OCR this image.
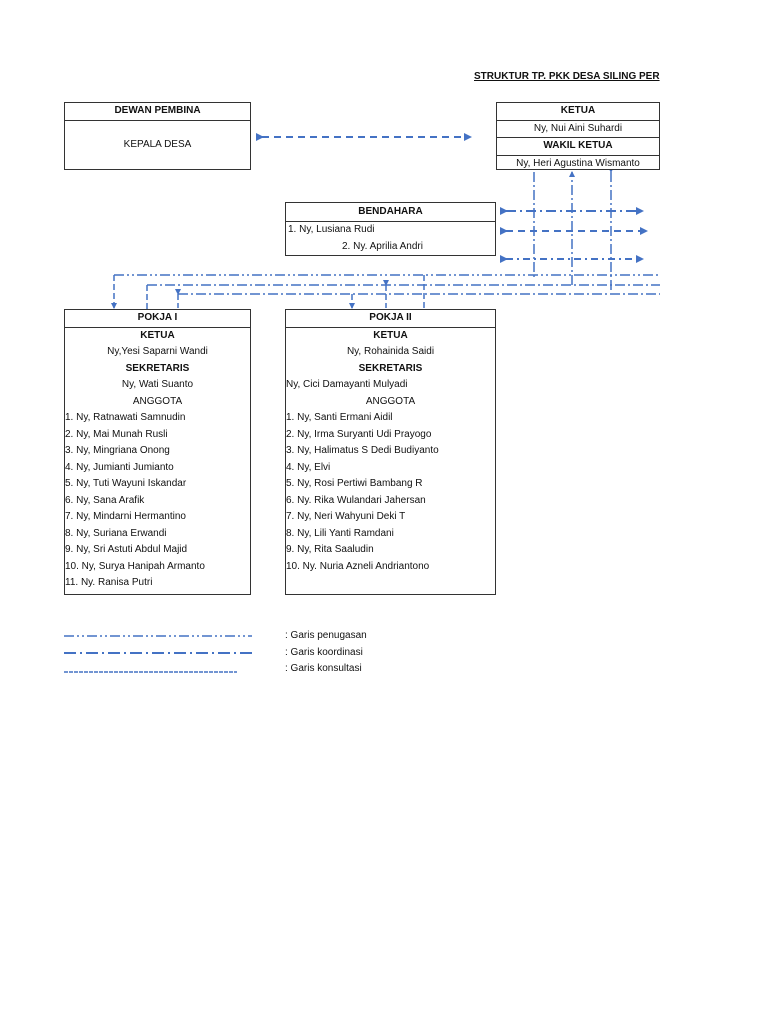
STRUKTUR TP. PKK DESA SILING PER
DEWAN PEMBINA
KEPALA DESA
KETUA
Ny, Nui Aini Suhardi
WAKIL KETUA
Ny, Heri Agustina Wismanto
BENDAHARA
1. Ny, Lusiana Rudi
2. Ny. Aprilia Andri
POKJA I
KETUA
Ny,Yesi Saparni Wandi
SEKRETARIS
Ny, Wati Suanto
ANGGOTA
1. Ny, Ratnawati Samnudin
2. Ny, Mai Munah Rusli
3. Ny, Mingriana Onong
4. Ny, Jumianti Jumianto
5. Ny, Tuti Wayuni Iskandar
6. Ny, Sana Arafik
7. Ny, Mindarni Hermantino
8. Ny, Suriana Erwandi
9. Ny, Sri Astuti Abdul Majid
10. Ny, Surya Hanipah Armanto
11. Ny. Ranisa Putri
POKJA II
KETUA
Ny, Rohainida Saidi
SEKRETARIS
Ny, Cici Damayanti Mulyadi
ANGGOTA
1. Ny, Santi Ermani Aidil
2. Ny, Irma Suryanti Udi Prayogo
3. Ny, Halimatus S Dedi Budiyanto
4. Ny, Elvi
5. Ny, Rosi Pertiwi Bambang R
6. Ny. Rika Wulandari Jahersan
7. Ny, Neri Wahyuni Deki T
8. Ny, Lili Yanti Ramdani
9. Ny, Rita Saaludin
10. Ny. Nuria Azneli Andriantono
: Garis penugasan
: Garis koordinasi
: Garis konsultasi
